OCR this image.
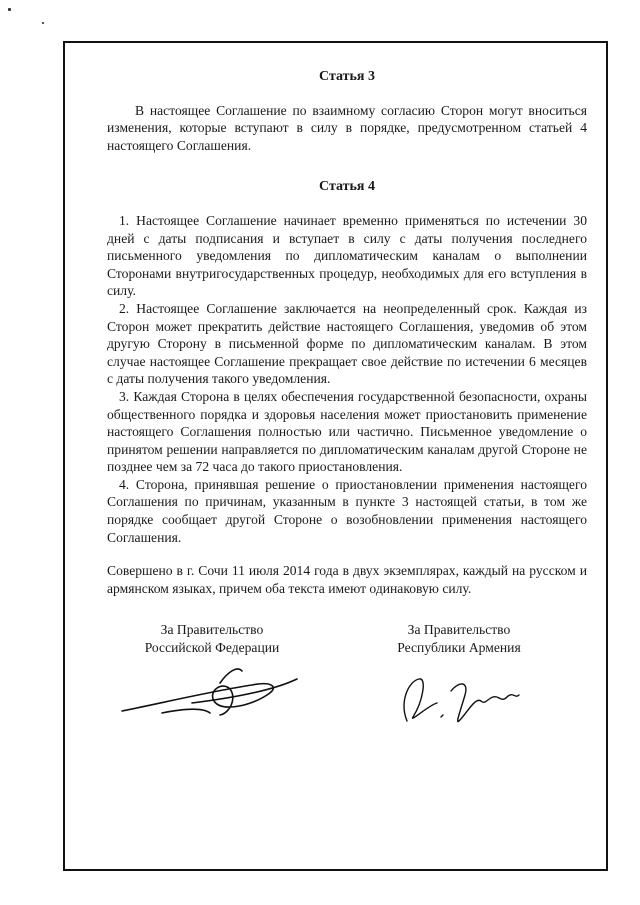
Статья 3

В настоящее Соглашение по взаимному согласию Сторон могут вноситься изменения, которые вступают в силу в порядке, предусмотренном статьей 4 настоящего Соглашения.

Статья 4

1. Настоящее Соглашение начинает временно применяться по истечении 30 дней с даты подписания и вступает в силу с даты получения последнего письменного уведомления по дипломатическим каналам о выполнении Сторонами внутригосударственных процедур, необходимых для его вступления в силу.

2. Настоящее Соглашение заключается на неопределенный срок. Каждая из Сторон может прекратить действие настоящего Соглашения, уведомив об этом другую Сторону в письменной форме по дипломатическим каналам. В этом случае настоящее Соглашение прекращает свое действие по истечении 6 месяцев с даты получения такого уведомления.

3. Каждая Сторона в целях обеспечения государственной безопасности, охраны общественного порядка и здоровья населения может приостановить применение настоящего Соглашения полностью или частично. Письменное уведомление о принятом решении направляется по дипломатическим каналам другой Стороне не позднее чем за 72 часа до такого приостановления.

4. Сторона, принявшая решение о приостановлении применения настоящего Соглашения по причинам, указанным в пункте 3 настоящей статьи, в том же порядке сообщает другой Стороне о возобновлении применения настоящего Соглашения.

Совершено в г. Сочи 11 июля 2014 года в двух экземплярах, каждый на русском и армянском языках, причем оба текста имеют одинаковую силу.

За Правительство
Российской Федерации
За Правительство
Республики Армения
